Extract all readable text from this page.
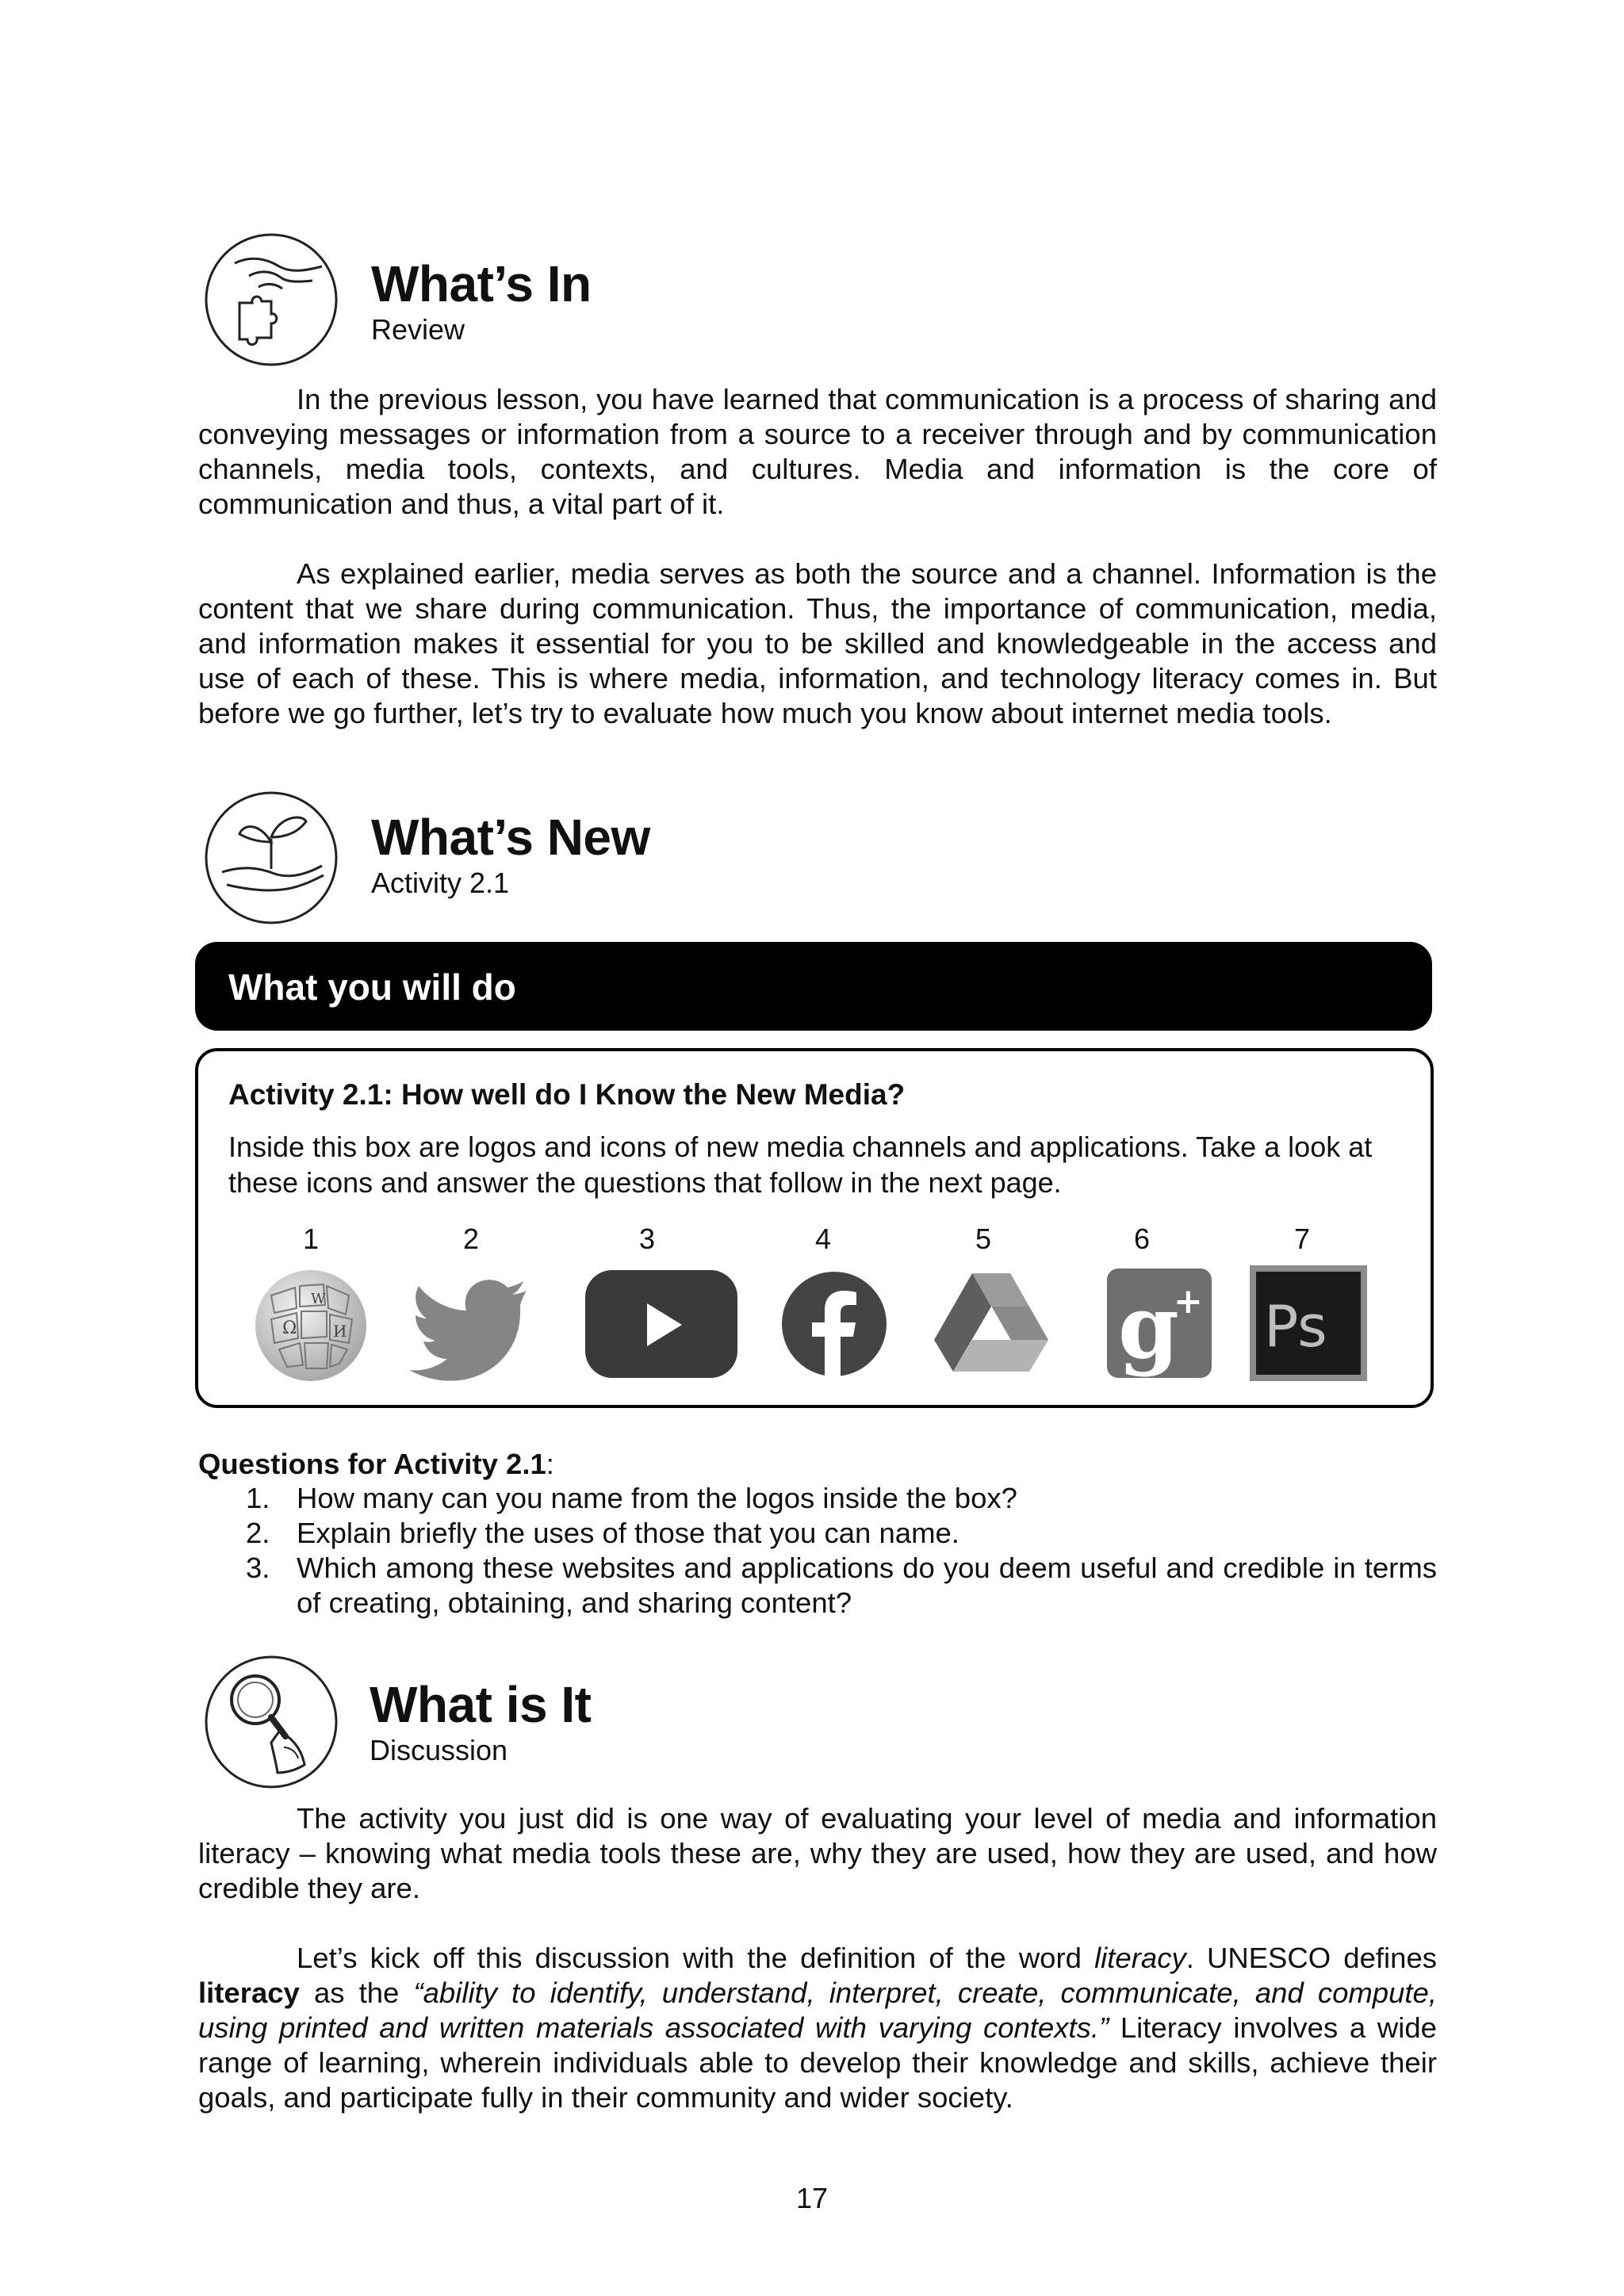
What’s In
Review

In the previous lesson, you have learned that communication is a process of sharing and conveying messages or information from a source to a receiver through and by communication channels, media tools, contexts, and cultures. Media and information is the core of communication and thus, a vital part of it.

As explained earlier, media serves as both the source and a channel. Information is the content that we share during communication. Thus, the importance of communication, media, and information makes it essential for you to be skilled and knowledgeable in the access and use of each of these. This is where media, information, and technology literacy comes in. But before we go further, let’s try to evaluate how much you know about internet media tools.

What’s New
Activity 2.1
What you will do
Activity 2.1: How well do I Know the New Media?
Inside this box are logos and icons of new media channels and applications. Take a look at these icons and answer the questions that follow in the next page.
1	2	3	4	5	6	7
Ω
W
И	g
+ Ps
Questions for Activity 2.1:
1. How many can you name from the logos inside the box?
2. Explain briefly the uses of those that you can name.
3. Which among these websites and applications do you deem useful and credible in terms of creating, obtaining, and sharing content?
What is It
Discussion

The activity you just did is one way of evaluating your level of media and information literacy – knowing what media tools these are, why they are used, how they are used, and how credible they are.

Let’s kick off this discussion with the definition of the word literacy. UNESCO defines literacy as the “ability to identify, understand, interpret, create, communicate, and compute, using printed and written materials associated with varying contexts.” Literacy involves a wide range of learning, wherein individuals able to develop their knowledge and skills, achieve their goals, and participate fully in their community and wider society.

17
